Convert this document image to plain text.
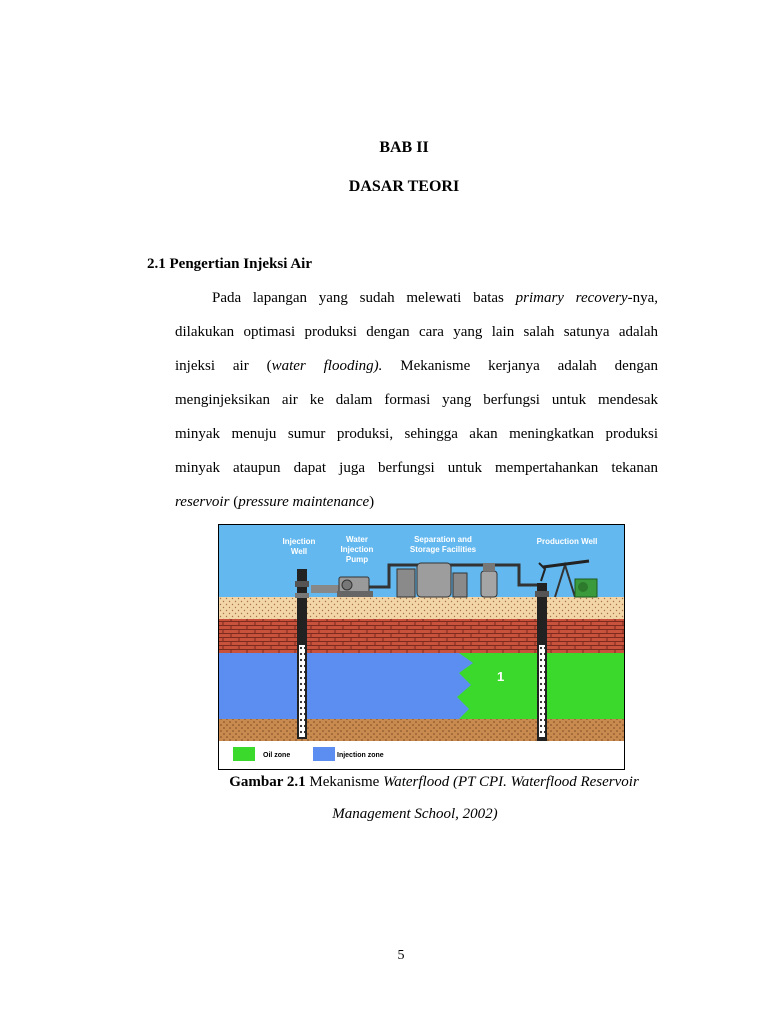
BAB II
DASAR TEORI
2.1 Pengertian Injeksi Air
Pada lapangan yang sudah melewati batas primary recovery-nya,
dilakukan optimasi produksi dengan cara yang lain salah satunya adalah
injeksi air (water flooding). Mekanisme kerjanya adalah dengan
menginjeksikan air ke dalam formasi yang berfungsi untuk mendesak
minyak menuju sumur produksi, sehingga akan meningkatkan produksi
minyak ataupun dapat juga berfungsi untuk mempertahankan tekanan
reservoir (pressure maintenance)
Injection
Well
Water
Injection
Pump
Separation and
Storage Facilities
Production Well
1
Oil zone	Injection zone
Gambar 2.1 Mekanisme Waterflood (PT CPI. Waterflood Reservoir
Management School, 2002)
5
